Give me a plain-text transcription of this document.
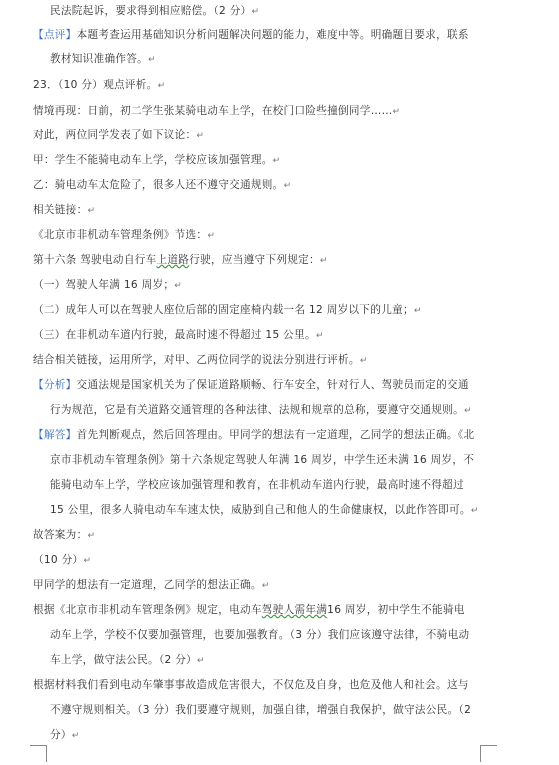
民法院起诉，要求得到相应赔偿。（2 分）↵
【点评】本题考查运用基础知识分析问题解决问题的能力，难度中等。明确题目要求，联系
教材知识准确作答。↵
23．（10 分）观点评析。↵
情境再现：日前，初二学生张某骑电动车上学，在校门口险些撞倒同学……↵
对此，两位同学发表了如下议论：↵
甲：学生不能骑电动车上学，学校应该加强管理。↵
乙：骑电动车太危险了，很多人还不遵守交通规则。↵
相关链接：↵
《北京市非机动车管理条例》节选：↵
第十六条 驾驶电动自行车上道路行驶，应当遵守下列规定：↵
（一）驾驶人年满 16 周岁；↵
（二）成年人可以在驾驶人座位后部的固定座椅内载一名 12 周岁以下的儿童；↵
（三）在非机动车道内行驶，最高时速不得超过 15 公里。↵
结合相关链接，运用所学，对甲、乙两位同学的说法分别进行评析。↵
【分析】交通法规是国家机关为了保证道路顺畅、行车安全，针对行人、驾驶员而定的交通
行为规范，它是有关道路交通管理的各种法律、法规和规章的总称，要遵守交通规则。↵
【解答】首先判断观点，然后回答理由。甲同学的想法有一定道理，乙同学的想法正确。《北
京市非机动车管理条例》第十六条规定驾驶人年满 16 周岁，中学生还未满 16 周岁，不
能骑电动车上学，学校应该加强管理和教育，在非机动车道内行驶，最高时速不得超过
15 公里，很多人骑电动车车速太快，威胁到自己和他人的生命健康权，以此作答即可。↵
故答案为：↵
（10 分）↵
甲同学的想法有一定道理，乙同学的想法正确。↵
根据《北京市非机动车管理条例》规定，电动车驾驶人需年满16 周岁，初中学生不能骑电
动车上学，学校不仅要加强管理，也要加强教育。（3 分）我们应该遵守法律，不骑电动
车上学，做守法公民。（2 分）↵
根据材料我们看到电动车肇事事故造成危害很大，不仅危及自身，也危及他人和社会。这与
不遵守规则相关。（3 分）我们要遵守规则，加强自律，增强自我保护，做守法公民。（2
分）↵
